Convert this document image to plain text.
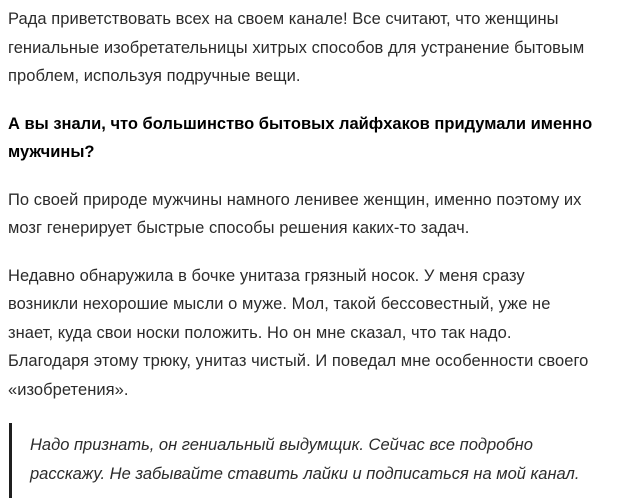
Рада приветствовать всех на своем канале! Все считают, что женщины
гениальные изобретательницы хитрых способов для устранение бытовым
проблем, используя подручные вещи.

А вы знали, что большинство бытовых лайфхаков придумали именно
мужчины?

По своей природе мужчины намного ленивее женщин, именно поэтому их
мозг генерирует быстрые способы решения каких-то задач.

Недавно обнаружила в бочке унитаза грязный носок. У меня сразу
возникли нехорошие мысли о муже. Мол, такой бессовестный, уже не
знает, куда свои носки положить. Но он мне сказал, что так надо.
Благодаря этому трюку, унитаз чистый. И поведал мне особенности своего
«изобретения».

Надо признать, он гениальный выдумщик. Сейчас все подробно
расскажу. Не забывайте ставить лайки и подписаться на мой канал.
